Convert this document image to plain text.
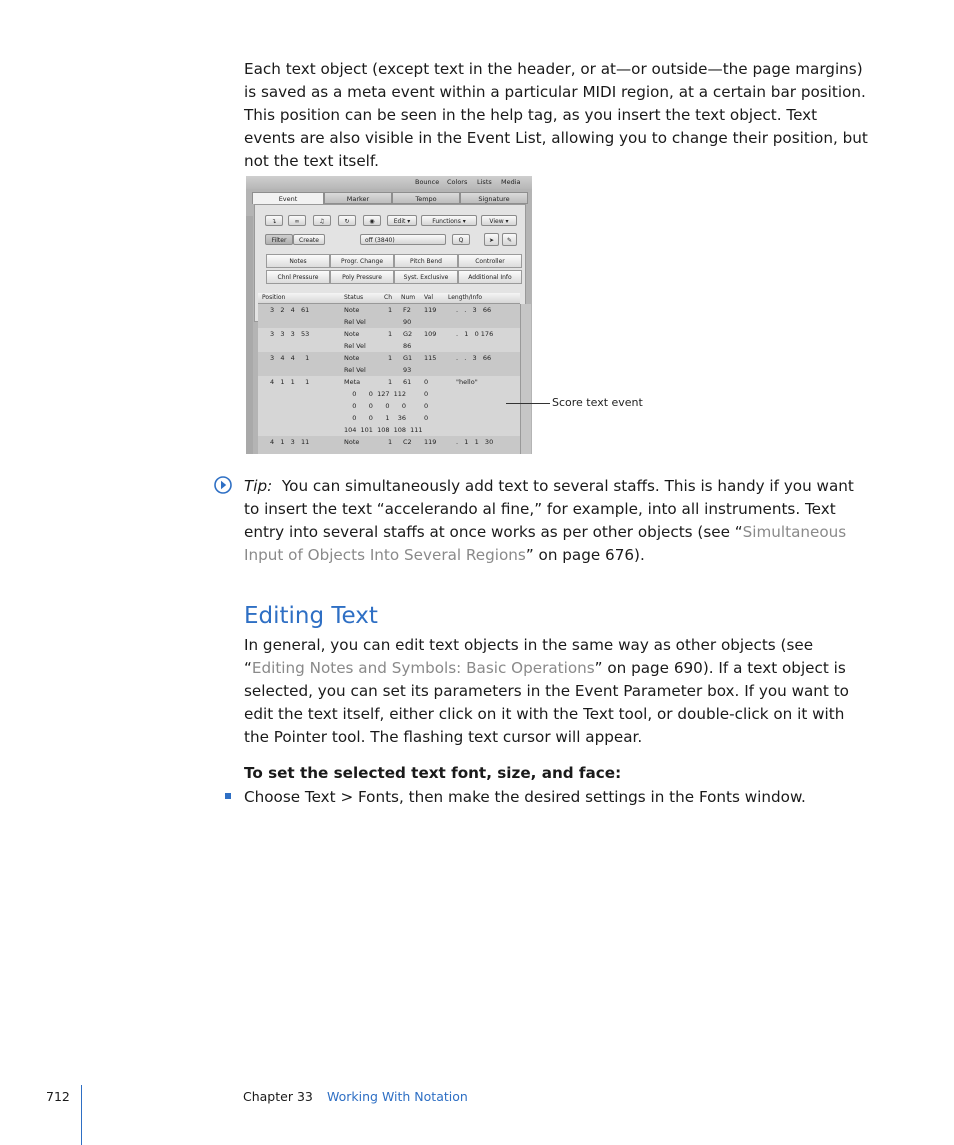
Each text object (except text in the header, or at—or outside—the page margins) is saved as a meta event within a particular MIDI region, at a certain bar position. This position can be seen in the help tag, as you insert the text object. Text events are also visible in the Event List, allowing you to change their position, but not the text itself.

Bounce Colors Lists Media
Event	Marker	Tempo	Signature
↴	∞	♫	↻	◉	Edit ▾	Functions ▾	View ▾
Filter	Create	off (3840)	Q	➤	✎
Notes	Progr. Change	Pitch Bend	Controller
Chnl Pressure	Poly Pressure	Syst. Exclusive	Additional Info
Position	Status	Ch Num Val	Length/Info
3   2   4   61	Note	1 F2 119	.   .   3   66
Rel Vel	90
3   3   3   53	Note	1 G2 109	.   1   0 176
Rel Vel	86
3   4   4     1	Note	1 G1 115	.   .   3   66
Rel Vel	93
4   1   1     1	Meta	1 61 0	"hello"
0      0  127  112	0
0      0      0      0	0
0      0      1    36	0
104  101  108  108  111
4   1   3   11	Note	1 C2 119	.   1   1   30
Score text event

Tip: You can simultaneously add text to several staffs. This is handy if you want to insert the text “accelerando al fine,” for example, into all instruments. Text entry into several staffs at once works as per other objects (see “Simultaneous Input of Objects Into Several Regions” on page 676).

Editing Text

In general, you can edit text objects in the same way as other objects (see “Editing Notes and Symbols: Basic Operations” on page 690). If a text object is selected, you can set its parameters in the Event Parameter box. If you want to edit the text itself, either click on it with the Text tool, or double-click on it with the Pointer tool. The flashing text cursor will appear.

To set the selected text font, size, and face:

Choose Text > Fonts, then make the desired settings in the Fonts window.

712	Chapter 33 Working With Notation
